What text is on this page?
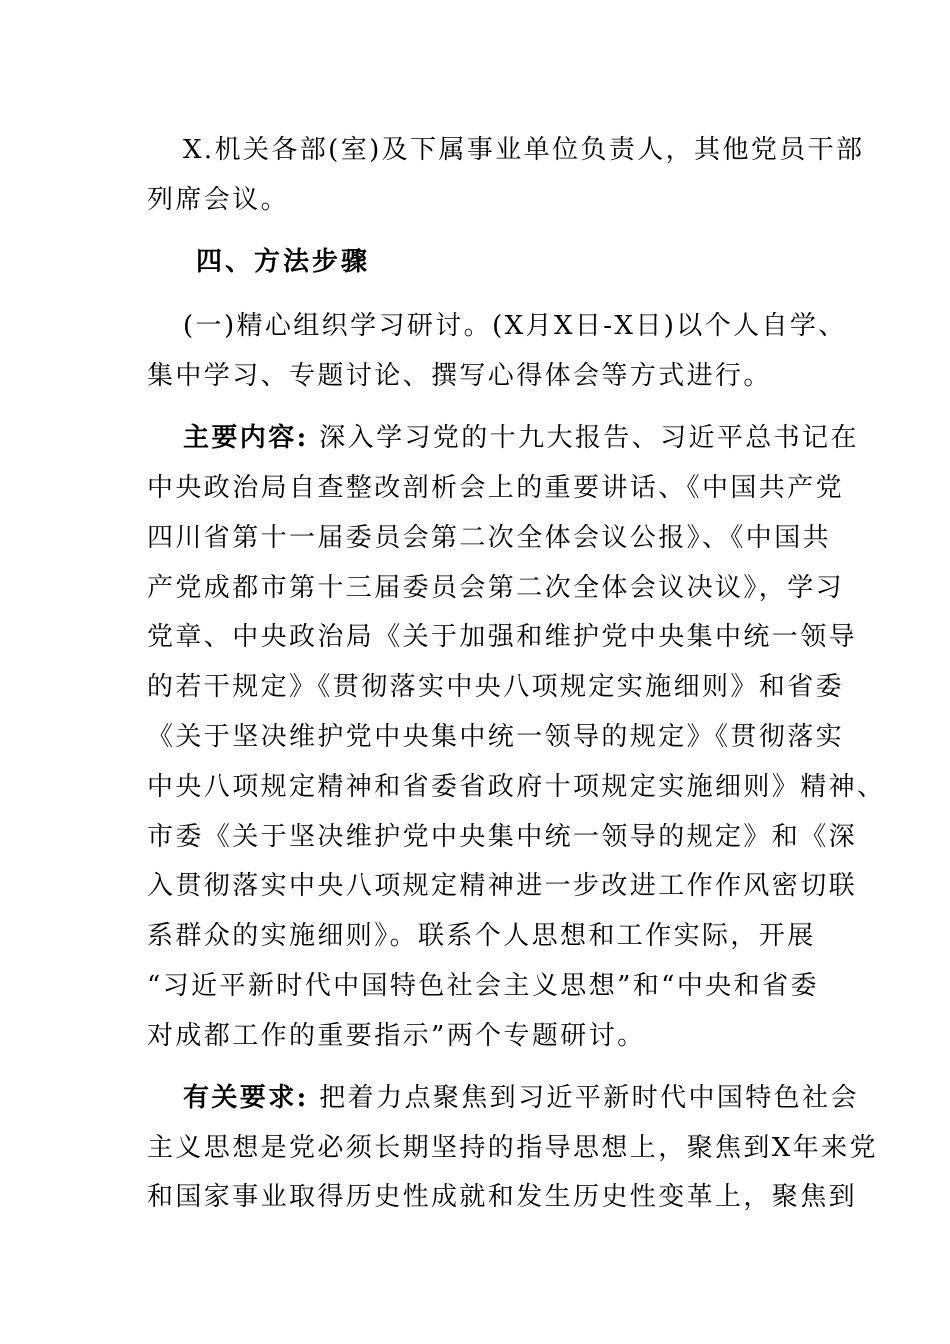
X.机关各部(室)及下属事业单位负责人，其他党员干部
列席会议。
四、方法步骤
(一)精心组织学习研讨。(X月X日-X日)以个人自学、
集中学习、专题讨论、撰写心得体会等方式进行。
主要内容: 深入学习党的十九大报告、习近平总书记在
中央政治局自查整改剖析会上的重要讲话、《中国共产党
四川省第十一届委员会第二次全体会议公报》、《中国共
产党成都市第十三届委员会第二次全体会议决议》，学习
党章、中央政治局《关于加强和维护党中央集中统一领导
的若干规定》《贯彻落实中央八项规定实施细则》和省委
《关于坚决维护党中央集中统一领导的规定》《贯彻落实
中央八项规定精神和省委省政府十项规定实施细则》精神、
市委《关于坚决维护党中央集中统一领导的规定》和《深
入贯彻落实中央八项规定精神进一步改进工作作风密切联
系群众的实施细则》。联系个人思想和工作实际，开展
“习近平新时代中国特色社会主义思想”和“中央和省委
对成都工作的重要指示”两个专题研讨。
有关要求: 把着力点聚焦到习近平新时代中国特色社会
主义思想是党必须长期坚持的指导思想上，聚焦到X年来党
和国家事业取得历史性成就和发生历史性变革上，聚焦到
